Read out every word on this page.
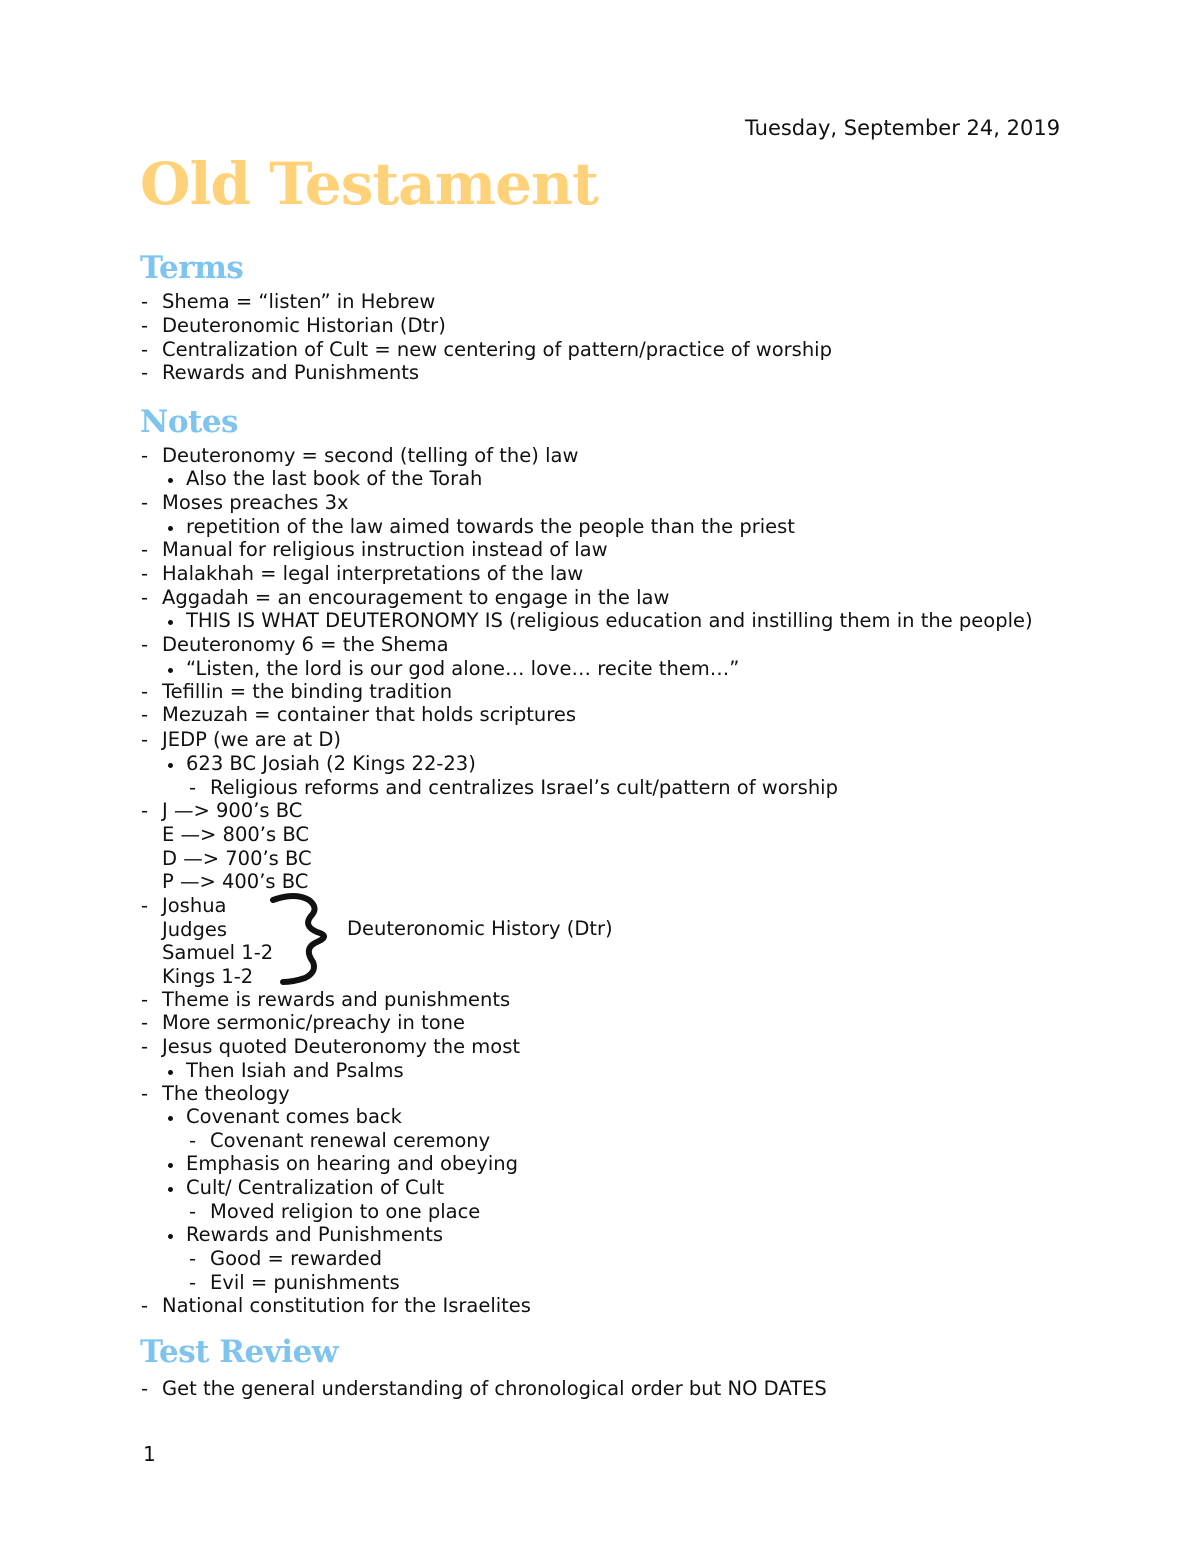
Tuesday, September 24, 2019
Old Testament
Terms
- Shema = “listen” in Hebrew
- Deuteronomic Historian (Dtr)
- Centralization of Cult = new centering of pattern/practice of worship
- Rewards and Punishments
Notes
- Deuteronomy = second (telling of the) law
Also the last book of the Torah
- Moses preaches 3x
repetition of the law aimed towards the people than the priest
- Manual for religious instruction instead of law
- Halakhah = legal interpretations of the law
- Aggadah = an encouragement to engage in the law
THIS IS WHAT DEUTERONOMY IS (religious education and instilling them in the people)
- Deuteronomy 6 = the Shema
“Listen, the lord is our god alone… love… recite them…”
- Tefillin = the binding tradition
- Mezuzah = container that holds scriptures
- JEDP (we are at D)
623 BC Josiah (2 Kings 22-23)
- Religious reforms and centralizes Israel’s cult/pattern of worship
- J —> 900’s BC
E —> 800’s BC
D —> 700’s BC
P —> 400’s BC
- Joshua
Judges
Samuel 1-2
Kings 1-2
- Theme is rewards and punishments
- More sermonic/preachy in tone
- Jesus quoted Deuteronomy the most
Then Isiah and Psalms
- The theology
Covenant comes back
- Covenant renewal ceremony
Emphasis on hearing and obeying
Cult/ Centralization of Cult
- Moved religion to one place
Rewards and Punishments
- Good = rewarded
- Evil = punishments
- National constitution for the Israelites
Deuteronomic History (Dtr)
Test Review
- Get the general understanding of chronological order but NO DATES
1
